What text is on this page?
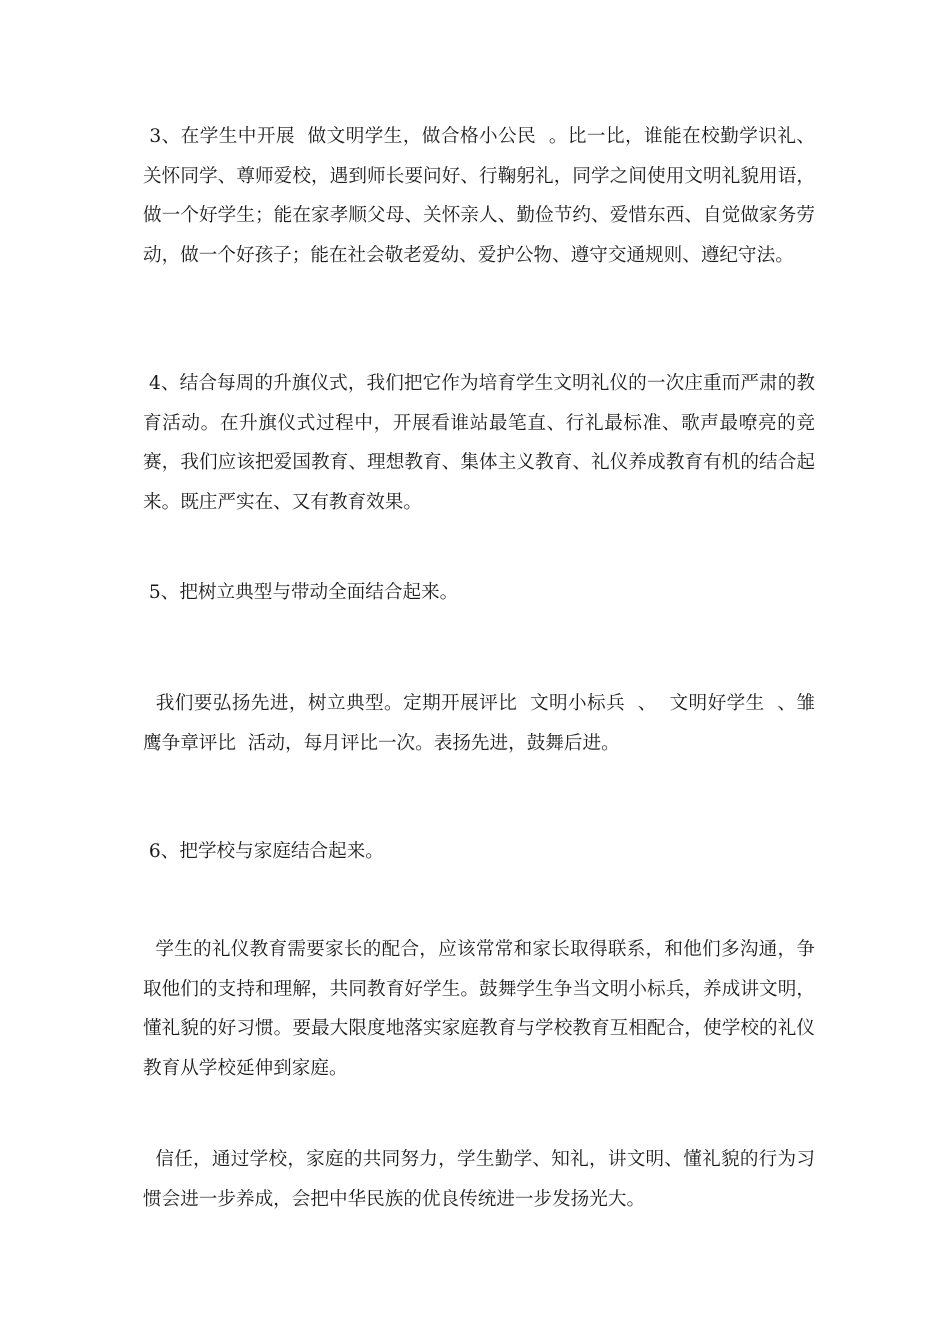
3、在学生中开展  做文明学生，做合格小公民  。比一比，谁能在校勤学识礼、关怀同学、尊师爱校，遇到师长要问好、行鞠躬礼，同学之间使用文明礼貌用语，做一个好学生；能在家孝顺父母、关怀亲人、勤俭节约、爱惜东西、自觉做家务劳动，做一个好孩子；能在社会敬老爱幼、爱护公物、遵守交通规则、遵纪守法。

4、结合每周的升旗仪式，我们把它作为培育学生文明礼仪的一次庄重而严肃的教育活动。在升旗仪式过程中，开展看谁站最笔直、行礼最标准、歌声最嘹亮的竞赛，我们应该把爱国教育、理想教育、集体主义教育、礼仪养成教育有机的结合起来。既庄严实在、又有教育效果。

5、把树立典型与带动全面结合起来。

我们要弘扬先进，树立典型。定期开展评比  文明小标兵  、  文明好学生  、雏鹰争章评比  活动，每月评比一次。表扬先进，鼓舞后进。

6、把学校与家庭结合起来。

学生的礼仪教育需要家长的配合，应该常常和家长取得联系，和他们多沟通，争取他们的支持和理解，共同教育好学生。鼓舞学生争当文明小标兵，养成讲文明，懂礼貌的好习惯。要最大限度地落实家庭教育与学校教育互相配合，使学校的礼仪教育从学校延伸到家庭。

信任，通过学校，家庭的共同努力，学生勤学、知礼，讲文明、懂礼貌的行为习惯会进一步养成，会把中华民族的优良传统进一步发扬光大。
